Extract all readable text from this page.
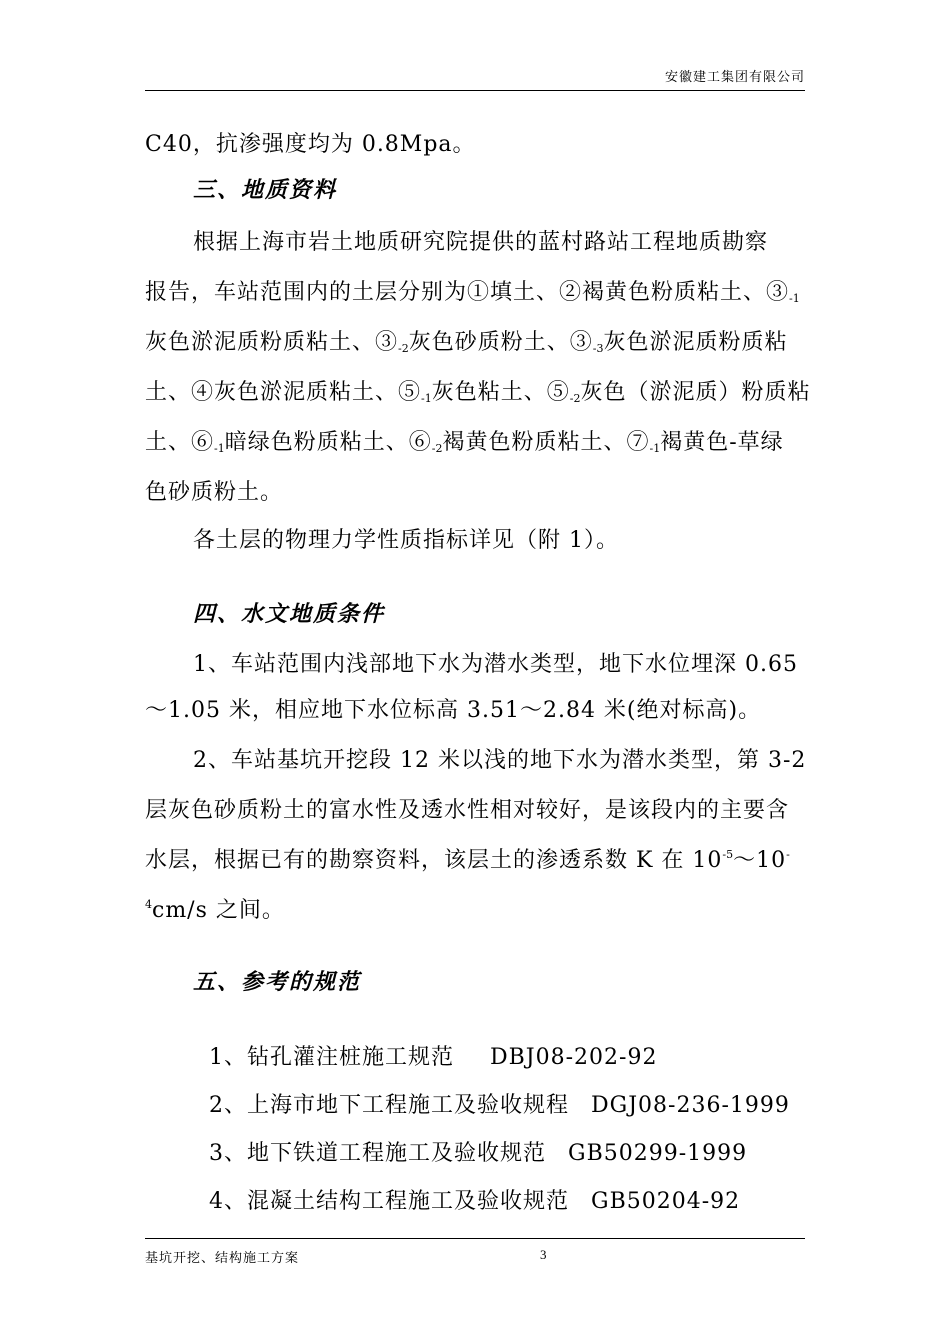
安徽建工集团有限公司
C40，抗渗强度均为 0.8Mpa。
三、地质资料
根据上海市岩土地质研究院提供的蓝村路站工程地质勘察
报告，车站范围内的土层分别为①填土、②褐黄色粉质粘土、$③_{-1}$
灰色淤泥质粉质粘土、$③_{-2}$灰色砂质粉土、$③_{-3}$灰色淤泥质粉质粘
土、④灰色淤泥质粘土、$⑤_{-1}$灰色粘土、$⑤_{-2}$灰色（淤泥质）粉质粘
土、$⑥_{-1}$暗绿色粉质粘土、$⑥_{-2}$褐黄色粉质粘土、$⑦_{-1}$褐黄色-草绿
色砂质粉土。
各土层的物理力学性质指标详见（附 1）。
四、水文地质条件
1、车站范围内浅部地下水为潜水类型，地下水位埋深 0.65
～1.05 米，相应地下水位标高 3.51～2.84 米(绝对标高)。
2、车站基坑开挖段 12 米以浅的地下水为潜水类型，第 3-2
层灰色砂质粉土的富水性及透水性相对较好，是该段内的主要含
水层，根据已有的勘察资料，该层土的渗透系数 K 在 $10^{-5}\sim 10^-$
$^4$cm/s 之间。
五、参考的规范

1、钻孔灌注桩施工规范 DBJ08-202-92

2、上海市地下工程施工及验收规程 DGJ08-236-1999

3、地下铁道工程施工及验收规范 GB50299-1999

4、混凝土结构工程施工及验收规范 GB50204-92

基坑开挖、结构施工方案	3
